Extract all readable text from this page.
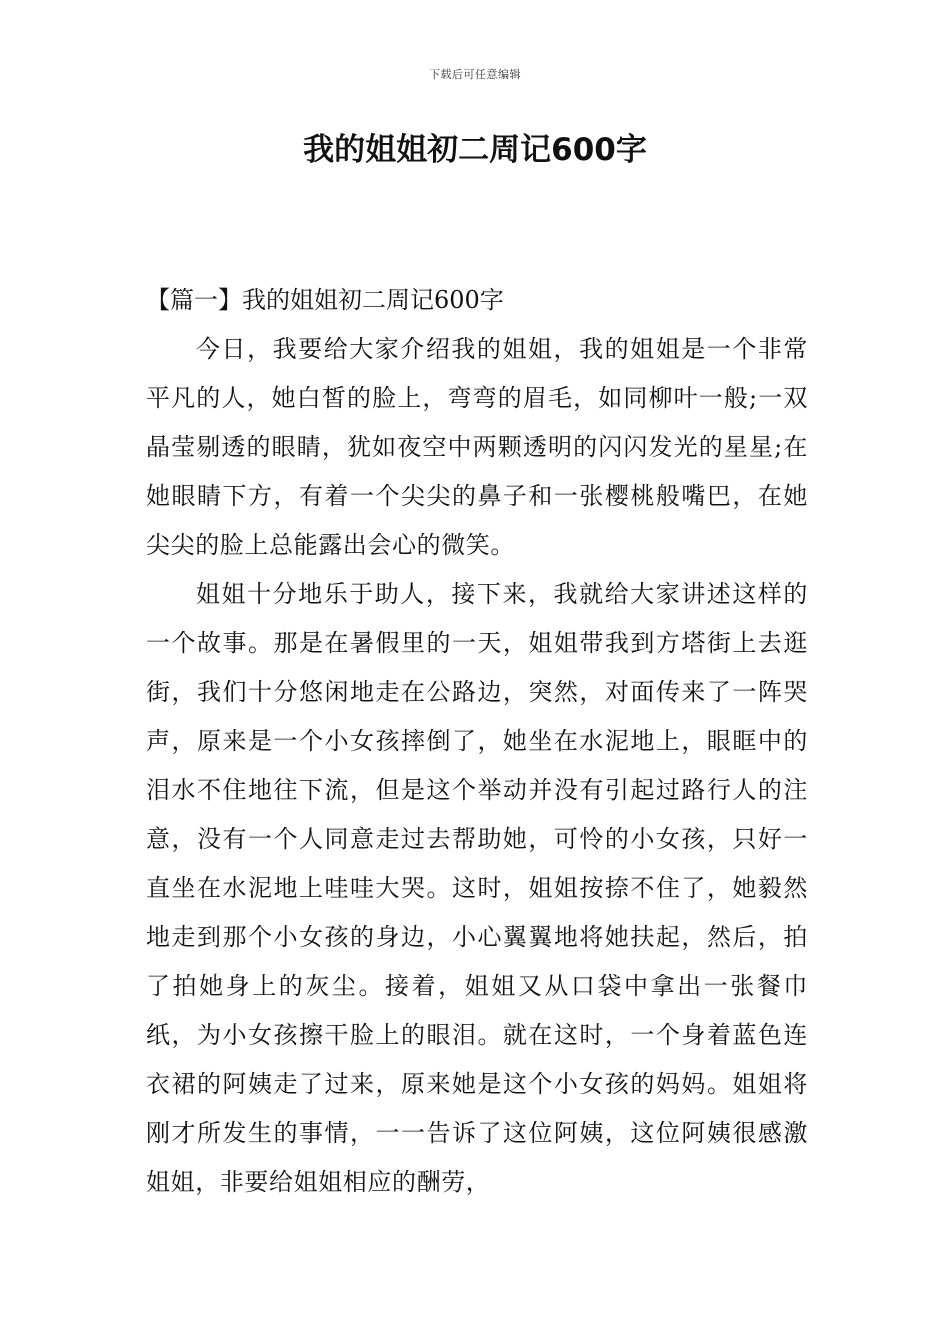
下载后可任意编辑
我的姐姐初二周记600字

【篇一】我的姐姐初二周记600字

今日，我要给大家介绍我的姐姐，我的姐姐是一个非常平凡的人，她白皙的脸上，弯弯的眉毛，如同柳叶一般;一双晶莹剔透的眼睛，犹如夜空中两颗透明的闪闪发光的星星;在她眼睛下方，有着一个尖尖的鼻子和一张樱桃般嘴巴，在她尖尖的脸上总能露出会心的微笑。

姐姐十分地乐于助人，接下来，我就给大家讲述这样的一个故事。那是在暑假里的一天，姐姐带我到方塔街上去逛街，我们十分悠闲地走在公路边，突然，对面传来了一阵哭声，原来是一个小女孩摔倒了，她坐在水泥地上，眼眶中的泪水不住地往下流，但是这个举动并没有引起过路行人的注意，没有一个人同意走过去帮助她，可怜的小女孩，只好一直坐在水泥地上哇哇大哭。这时，姐姐按捺不住了，她毅然地走到那个小女孩的身边，小心翼翼地将她扶起，然后，拍了拍她身上的灰尘。接着，姐姐又从口袋中拿出一张餐巾纸，为小女孩擦干脸上的眼泪。就在这时，一个身着蓝色连衣裙的阿姨走了过来，原来她是这个小女孩的妈妈。姐姐将刚才所发生的事情，一一告诉了这位阿姨，这位阿姨很感激姐姐，非要给姐姐相应的酬劳，
